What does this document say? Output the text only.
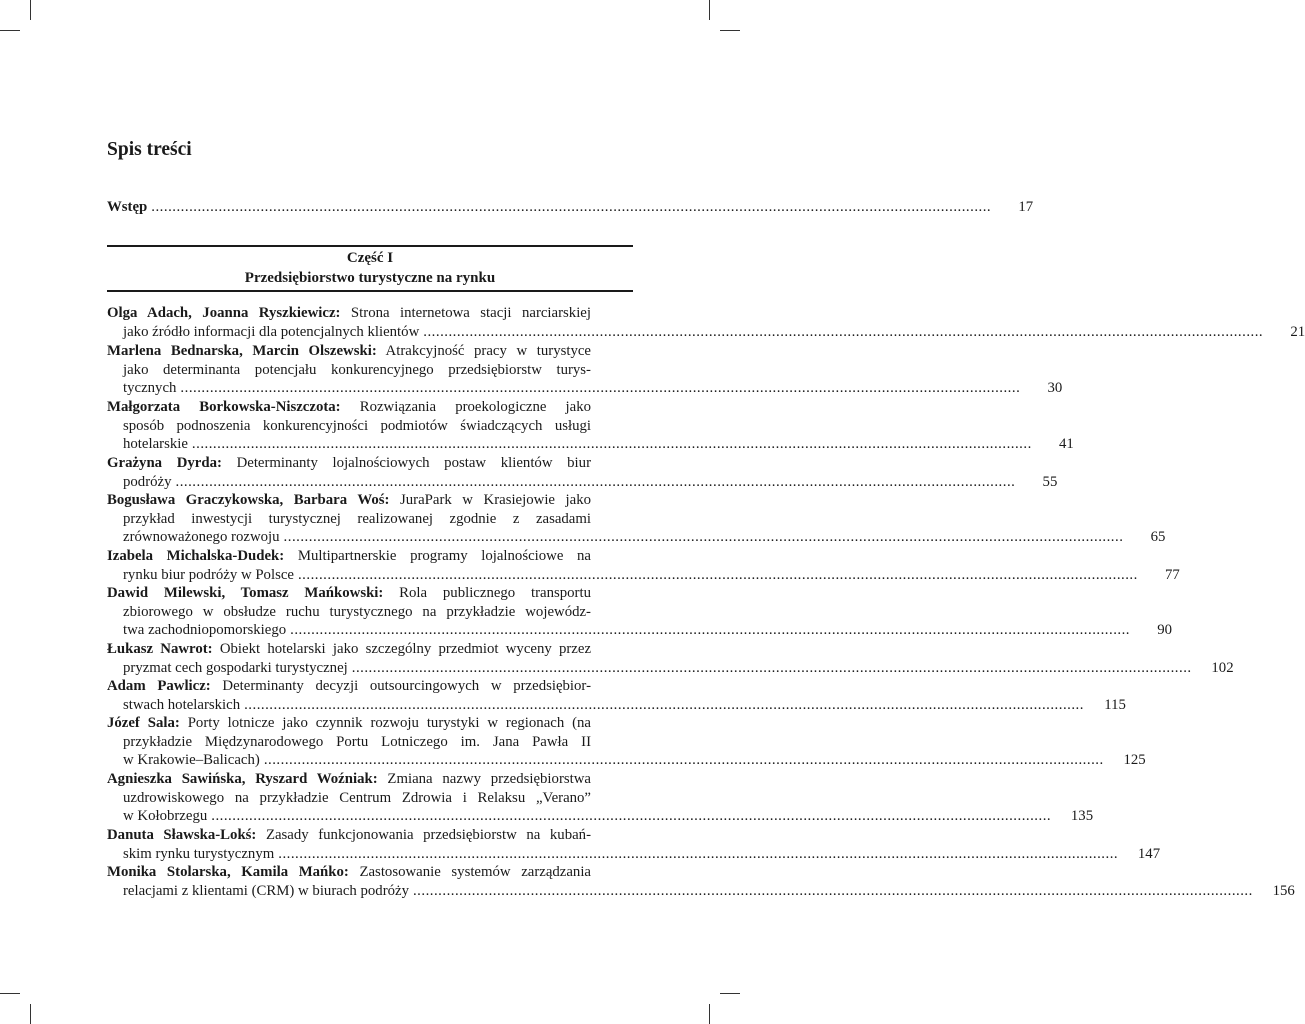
Spis treści
Wstęp ........................................................................................................................................................................................................	17
Część I
Przedsiębiorstwo turystyczne na rynku
Olga Adach, Joanna Ryszkiewicz: Strona internetowa stacji narciarskiej
jako źródło informacji dla potencjalnych klientów ........................................................................................................................................................................................................	21
Marlena Bednarska, Marcin Olszewski: Atrakcyjność pracy w turystyce
jako determinanta potencjału konkurencyjnego przedsiębiorstw turys-
tycznych ........................................................................................................................................................................................................	30
Małgorzata Borkowska-Niszczota: Rozwiązania proekologiczne jako
sposób podnoszenia konkurencyjności podmiotów świadczących usługi
hotelarskie ........................................................................................................................................................................................................	41
Grażyna Dyrda: Determinanty lojalnościowych postaw klientów biur
podróży ........................................................................................................................................................................................................	55
Bogusława Graczykowska, Barbara Woś: JuraPark w Krasiejowie jako
przykład inwestycji turystycznej realizowanej zgodnie z zasadami
zrównoważonego rozwoju ........................................................................................................................................................................................................	65
Izabela Michalska-Dudek: Multipartnerskie programy lojalnościowe na
rynku biur podróży w Polsce ........................................................................................................................................................................................................	77
Dawid Milewski, Tomasz Mańkowski: Rola publicznego transportu
zbiorowego w obsłudze ruchu turystycznego na przykładzie wojewódz-
twa zachodniopomorskiego ........................................................................................................................................................................................................	90
Łukasz Nawrot: Obiekt hotelarski jako szczególny przedmiot wyceny przez
pryzmat cech gospodarki turystycznej ........................................................................................................................................................................................................	102
Adam Pawlicz: Determinanty decyzji outsourcingowych w przedsiębior-
stwach hotelarskich ........................................................................................................................................................................................................	115
Józef Sala: Porty lotnicze jako czynnik rozwoju turystyki w regionach (na
przykładzie Międzynarodowego Portu Lotniczego im. Jana Pawła II
w Krakowie–Balicach) ........................................................................................................................................................................................................	125
Agnieszka Sawińska, Ryszard Woźniak: Zmiana nazwy przedsiębiorstwa
uzdrowiskowego na przykładzie Centrum Zdrowia i Relaksu „Verano”
w Kołobrzegu ........................................................................................................................................................................................................	135
Danuta Sławska-Lokś: Zasady funkcjonowania przedsiębiorstw na kubań-
skim rynku turystycznym ........................................................................................................................................................................................................	147
Monika Stolarska, Kamila Mańko: Zastosowanie systemów zarządzania
relacjami z klientami (CRM) w biurach podróży ........................................................................................................................................................................................................	156
